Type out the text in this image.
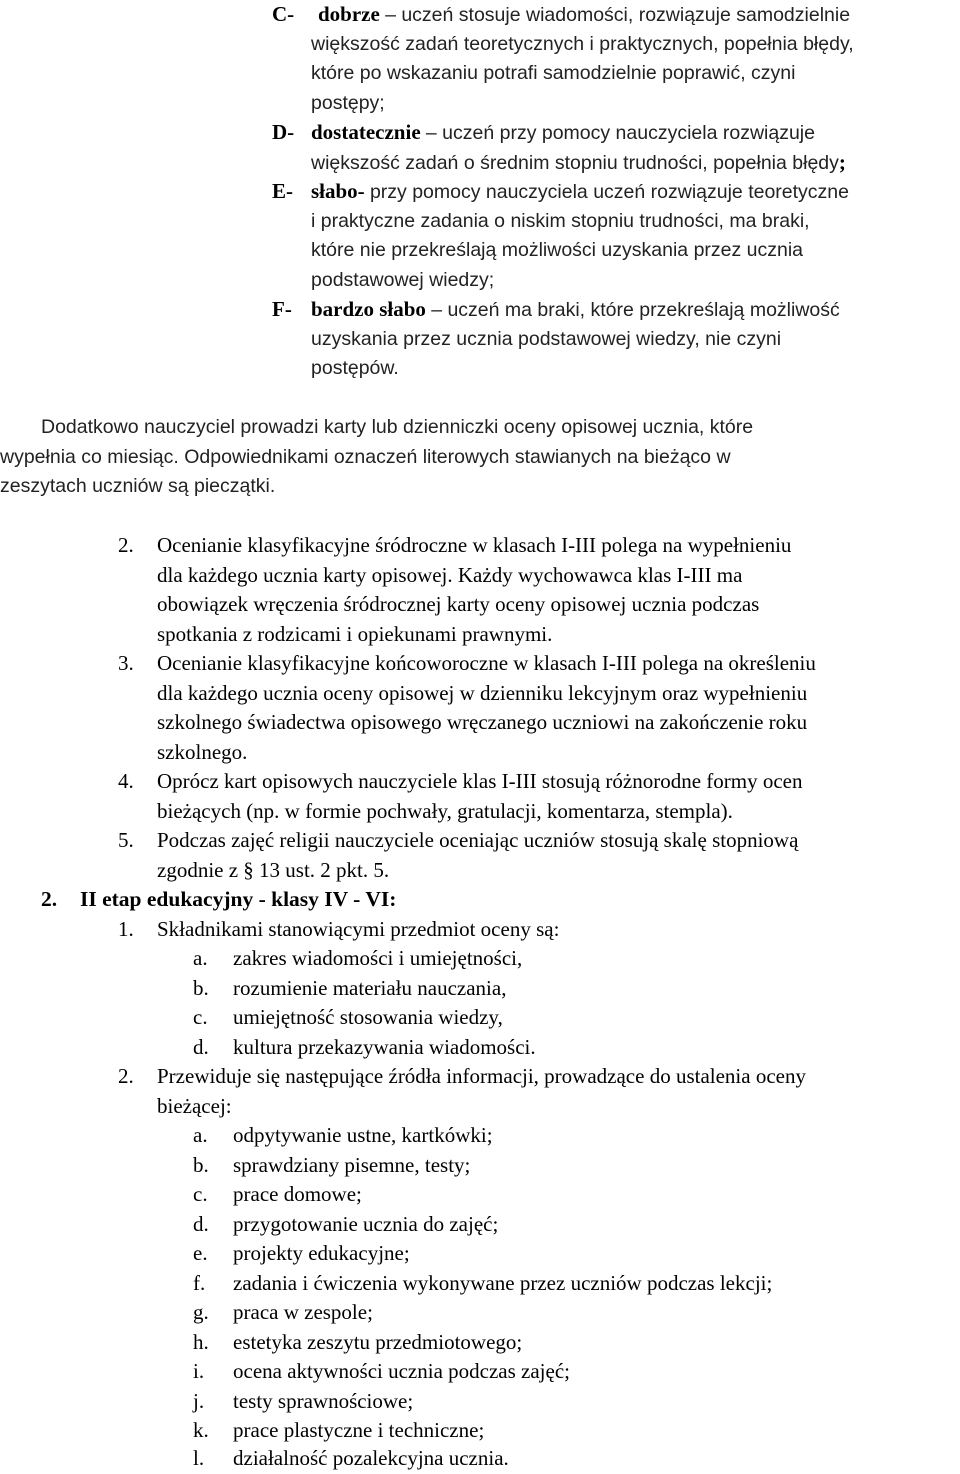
C- dobrze – uczeń stosuje wiadomości, rozwiązuje samodzielnie
większość zadań teoretycznych i praktycznych, popełnia błędy,
które po wskazaniu potrafi samodzielnie poprawić, czyni
postępy;
D- dostatecznie – uczeń przy pomocy nauczyciela rozwiązuje
większość zadań o średnim stopniu trudności, popełnia błędy;
E- słabo- przy pomocy nauczyciela uczeń rozwiązuje teoretyczne
i praktyczne zadania o niskim stopniu trudności, ma braki,
które nie przekreślają możliwości uzyskania przez ucznia
podstawowej wiedzy;
F- bardzo słabo – uczeń ma braki, które przekreślają możliwość
uzyskania przez ucznia podstawowej wiedzy, nie czyni
postępów.
Dodatkowo nauczyciel prowadzi karty lub dzienniczki oceny opisowej ucznia, które
wypełnia co miesiąc. Odpowiednikami oznaczeń literowych stawianych na bieżąco w
zeszytach uczniów są pieczątki.
2. Ocenianie klasyfikacyjne śródroczne w klasach I-III polega na wypełnieniu
dla każdego ucznia karty opisowej. Każdy wychowawca klas I-III ma
obowiązek wręczenia śródrocznej karty oceny opisowej ucznia podczas
spotkania z rodzicami i opiekunami prawnymi.
3. Ocenianie klasyfikacyjne końcoworoczne w klasach I-III polega na określeniu
dla każdego ucznia oceny opisowej w dzienniku lekcyjnym oraz wypełnieniu
szkolnego świadectwa opisowego wręczanego uczniowi na zakończenie roku
szkolnego.
4. Oprócz kart opisowych nauczyciele klas I-III stosują różnorodne formy ocen
bieżących (np. w formie pochwały, gratulacji, komentarza, stempla).
5. Podczas zajęć religii nauczyciele oceniając uczniów stosują skalę stopniową
zgodnie z § 13 ust. 2 pkt. 5.
2. II etap edukacyjny - klasy IV - VI:
1. Składnikami stanowiącymi przedmiot oceny są:
a. zakres wiadomości i umiejętności,
b. rozumienie materiału nauczania,
c. umiejętność stosowania wiedzy,
d. kultura przekazywania wiadomości.
2. Przewiduje się następujące źródła informacji, prowadzące do ustalenia oceny
bieżącej:
a. odpytywanie ustne, kartkówki;
b. sprawdziany pisemne, testy;
c. prace domowe;
d. przygotowanie ucznia do zajęć;
e. projekty edukacyjne;
f. zadania i ćwiczenia wykonywane przez uczniów podczas lekcji;
g. praca w zespole;
h. estetyka zeszytu przedmiotowego;
i. ocena aktywności ucznia podczas zajęć;
j. testy sprawnościowe;
k. prace plastyczne i techniczne;
l. działalność pozalekcyjna ucznia.
